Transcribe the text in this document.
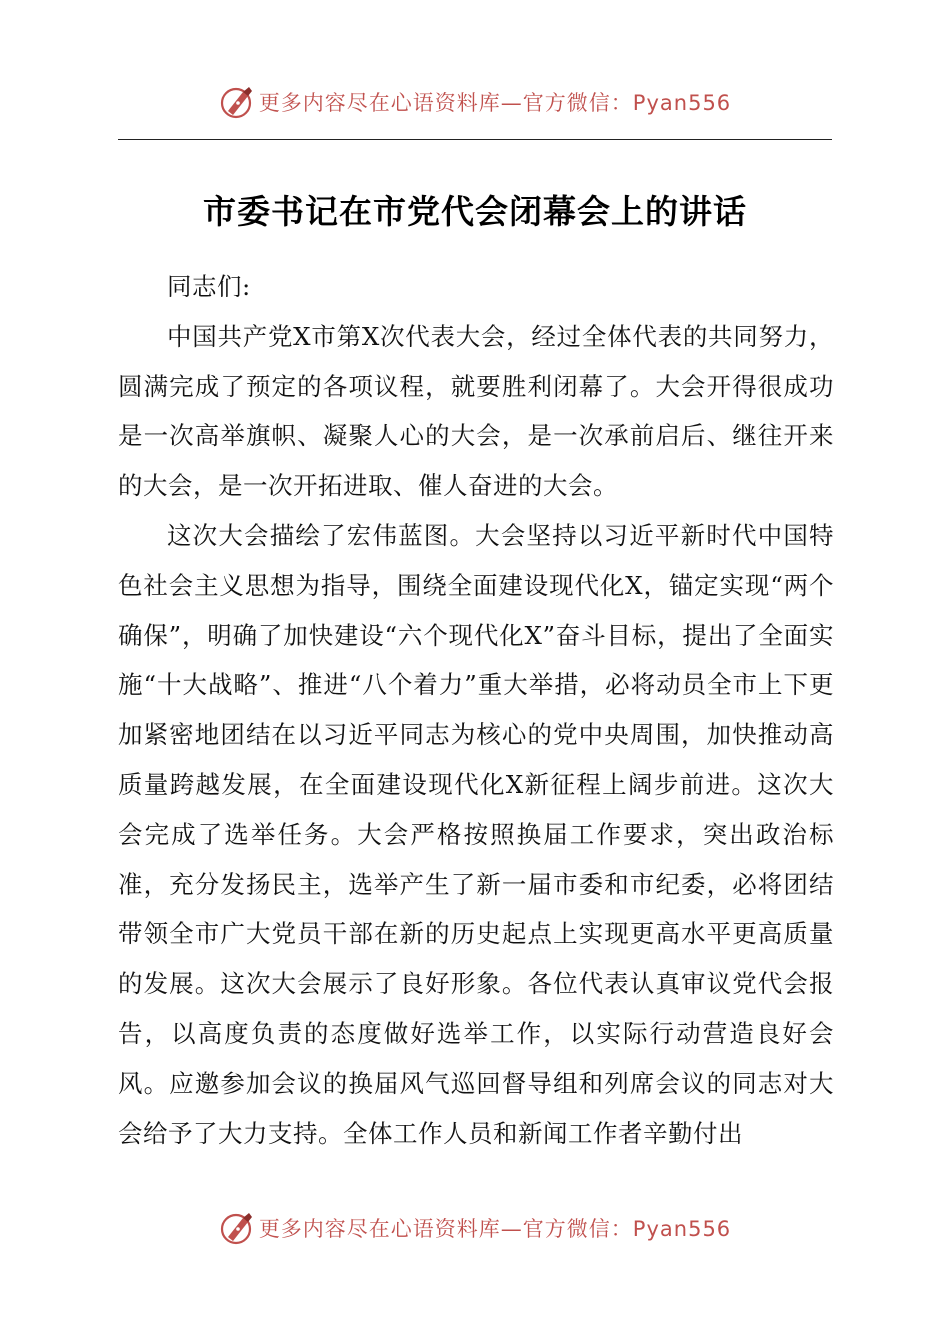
更多内容尽在心语资料库—官方微信：Pyan556
市委书记在市党代会闭幕会上的讲话

同志们:

中国共产党X市第X次代表大会，经过全体代表的共同努力，圆满完成了预定的各项议程，就要胜利闭幕了。大会开得很成功是一次高举旗帜、凝聚人心的大会，是一次承前启后、继往开来的大会，是一次开拓进取、催人奋进的大会。

这次大会描绘了宏伟蓝图。大会坚持以习近平新时代中国特色社会主义思想为指导，围绕全面建设现代化X，锚定实现“两个确保”，明确了加快建设“六个现代化X”奋斗目标，提出了全面实施“十大战略”、推进“八个着力”重大举措，必将动员全市上下更加紧密地团结在以习近平同志为核心的党中央周围，加快推动高质量跨越发展，在全面建设现代化X新征程上阔步前进。这次大会完成了选举任务。大会严格按照换届工作要求，突出政治标准，充分发扬民主，选举产生了新一届市委和市纪委，必将团结带领全市广大党员干部在新的历史起点上实现更高水平更高质量的发展。这次大会展示了良好形象。各位代表认真审议党代会报告，以高度负责的态度做好选举工作，以实际行动营造良好会风。应邀参加会议的换届风气巡回督导组和列席会议的同志对大会给予了大力支持。全体工作人员和新闻工作者辛勤付出

更多内容尽在心语资料库—官方微信：Pyan556
